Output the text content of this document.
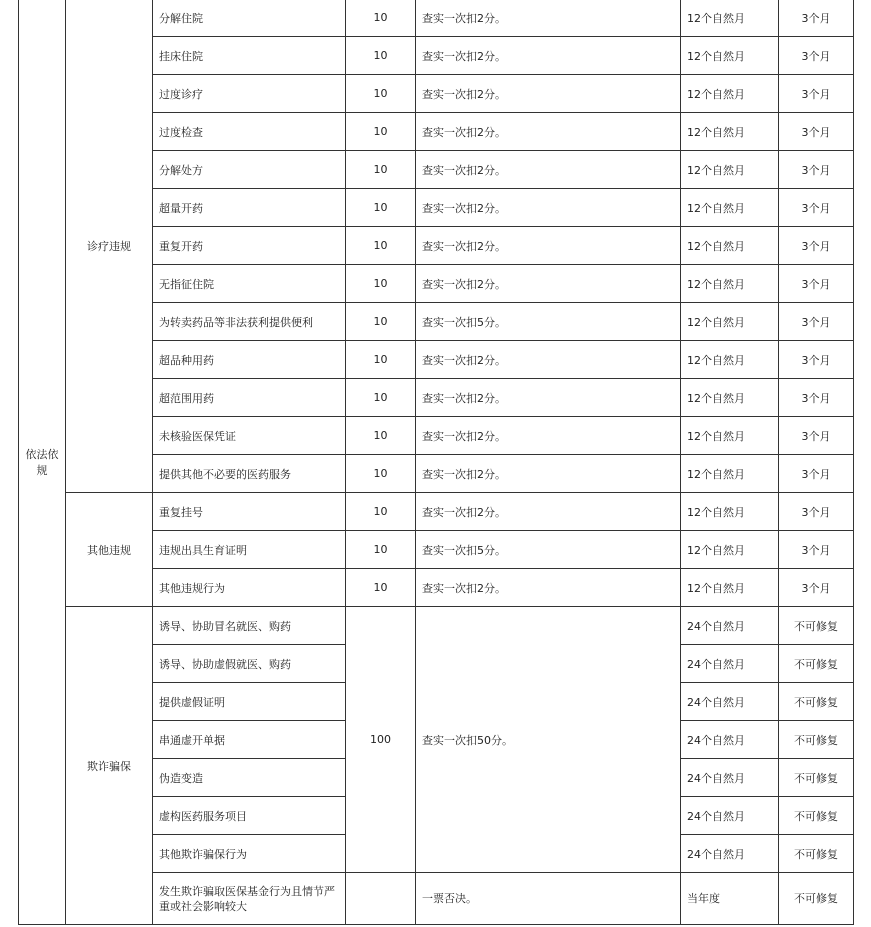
依法依规	诊疗违规	分解住院	10	查实一次扣2分。	12个自然月	3个月
		挂床住院	10	查实一次扣2分。	12个自然月	3个月
		过度诊疗	10	查实一次扣2分。	12个自然月	3个月
		过度检查	10	查实一次扣2分。	12个自然月	3个月
		分解处方	10	查实一次扣2分。	12个自然月	3个月
		超量开药	10	查实一次扣2分。	12个自然月	3个月
		重复开药	10	查实一次扣2分。	12个自然月	3个月
		无指征住院	10	查实一次扣2分。	12个自然月	3个月
		为转卖药品等非法获利提供便利	10	查实一次扣5分。	12个自然月	3个月
		超品种用药	10	查实一次扣2分。	12个自然月	3个月
		超范围用药	10	查实一次扣2分。	12个自然月	3个月
		未核验医保凭证	10	查实一次扣2分。	12个自然月	3个月
		提供其他不必要的医药服务	10	查实一次扣2分。	12个自然月	3个月
	其他违规	重复挂号	10	查实一次扣2分。	12个自然月	3个月
		违规出具生育证明	10	查实一次扣5分。	12个自然月	3个月
		其他违规行为	10	查实一次扣2分。	12个自然月	3个月
	欺诈骗保	诱导、协助冒名就医、购药	100	查实一次扣50分。	24个自然月	不可修复
		诱导、协助虚假就医、购药			24个自然月	不可修复
		提供虚假证明			24个自然月	不可修复
		串通虚开单据			24个自然月	不可修复
		伪造变造			24个自然月	不可修复
		虚构医药服务项目			24个自然月	不可修复
		其他欺诈骗保行为			24个自然月	不可修复
		发生欺诈骗取医保基金行为且情节严重或社会影响较大		一票否决。	当年度	不可修复
